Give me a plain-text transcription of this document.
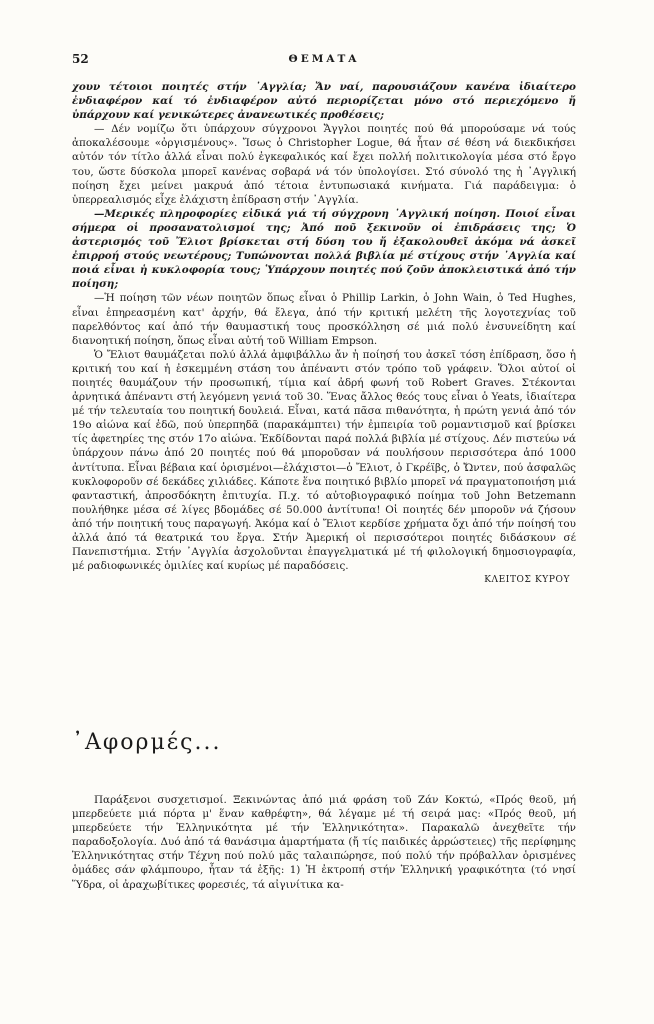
52	ΘΕΜΑΤΑ

χουν τέτοιοι ποιητές στήν ᾿Αγγλία; Ἄν ναί, παρουσιάζουν κανένα ἰδιαίτερο ἐνδιαφέρον καί τό ἐνδιαφέρον αὐτό περιορίζεται μόνο στό περιεχόμενο ἤ ὑπάρχουν καί γενικώτερες ἀνανεωτικές προθέσεις;

— Δέν νομίζω ὅτι ὑπάρχουν σύγχρονοι Ἄγγλοι ποιητές πού θά μπορούσαμε νά τούς ἀποκαλέσουμε «ὀργισμένους». Ἴσως ὁ Christopher Logue, θά ἦταν σέ θέση νά διεκδικήσει αὐτόν τόν τίτλο ἀλλά εἶναι πολύ ἐγκεφαλικός καί ἔχει πολλή πολιτικολογία μέσα στό ἔργο του, ὥστε δύσκολα μπορεῖ κανένας σοβαρά νά τόν ὑπολογίσει. Στό σύνολό της ἡ ᾿Αγγλική ποίηση ἔχει μείνει μακρυά ἀπό τέτοια ἐντυπωσιακά κινήματα. Γιά παράδειγμα: ὁ ὑπερρεαλισμός εἶχε ἐλάχιστη ἐπίδραση στήν ᾿Αγγλία.

—Μερικές πληροφορίες εἰδικά γιά τή σύγχρονη ᾿Αγγλική ποίηση. Ποιοί εἶναι σήμερα οἱ προσανατολισμοί της; Ἀπό ποῦ ξεκινοῦν οἱ ἐπιδράσεις της; Ὁ ἀστερισμός τοῦ Ἔλιοτ βρίσκεται στή δύση του ἤ ἐξακολουθεῖ ἀκόμα νά ἀσκεῖ ἐπιρροή στούς νεωτέρους; Τυπώνονται πολλά βιβλία μέ στίχους στήν ᾿Αγγλία καί ποιά εἶναι ἡ κυκλοφορία τους; Ὑπάρχουν ποιητές πού ζοῦν ἀποκλειστικά ἀπό τήν ποίηση;

—Ἡ ποίηση τῶν νέων ποιητῶν ὅπως εἶναι ὁ Phillip Larkin, ὁ John Wain, ὁ Ted Hughes, εἶναι ἐπηρεασμένη κατ' ἀρχήν, θά ἔλεγα, ἀπό τήν κριτική μελέτη τῆς λογοτεχνίας τοῦ παρελθόντος καί ἀπό τήν θαυμαστική τους προσκόλληση σέ μιά πολύ ἐνσυνείδητη καί διανοητική ποίηση, ὅπως εἶναι αὐτή τοῦ William Empson.

Ὁ Ἔλιοτ θαυμάζεται πολύ ἀλλά ἀμφιβάλλω ἄν ἡ ποίησή του ἀσκεῖ τόση ἐπίδραση, ὅσο ἡ κριτική του καί ἡ ἐσκεμμένη στάση του ἀπέναντι στόν τρόπο τοῦ γράφειν. Ὅλοι αὐτοί οἱ ποιητές θαυμάζουν τήν προσωπική, τίμια καί ἀδρή φωνή τοῦ Robert Graves. Στέκονται ἀρνητικά ἀπέναντι στή λεγόμενη γενιά τοῦ 30. Ἕνας ἄλλος θεός τους εἶναι ὁ Yeats, ἰδιαίτερα μέ τήν τελευταία του ποιητική δουλειά. Εἶναι, κατά πᾶσα πιθανότητα, ἡ πρώτη γενιά ἀπό τόν 19ο αἰώνα καί ἐδῶ, πού ὑπερπηδᾶ (παρακάμπτει) τήν ἐμπειρία τοῦ ρομαντισμοῦ καί βρίσκει τίς ἀφετηρίες της στόν 17ο αἰώνα. Ἐκδίδονται παρά πολλά βιβλία μέ στίχους. Δέν πιστεύω νά ὑπάρχουν πάνω ἀπό 20 ποιητές πού θά μποροῦσαν νά πουλήσουν περισσότερα ἀπό 1000 ἀντίτυπα. Εἶναι βέβαια καί ὁρισμένοι—ἐλάχιστοι—ὁ Ἔλιοτ, ὁ Γκρέϊβς, ὁ Ὤντεν, πού ἀσφαλῶς κυκλοφοροῦν σέ δεκάδες χιλιάδες. Κάποτε ἕνα ποιητικό βιβλίο μπορεῖ νά πραγματοποιήση μιά φανταστική, ἀπροσδόκητη ἐπιτυχία. Π.χ. τό αὐτοβιογραφικό ποίημα τοῦ John Betzemann πουλήθηκε μέσα σέ λίγες βδομάδες σέ 50.000 ἀντίτυπα! Οἱ ποιητές δέν μποροῦν νά ζήσουν ἀπό τήν ποιητική τους παραγωγή. Ἀκόμα καί ὁ Ἔλιοτ κερδίσε χρήματα ὄχι ἀπό τήν ποίησή του ἀλλά ἀπό τά θεατρικά του ἔργα. Στήν Ἀμερική οἱ περισσότεροι ποιητές διδάσκουν σέ Πανεπιστήμια. Στήν ᾿Αγγλία ἀσχολοῦνται ἐπαγγελματικά μέ τή φιλολογική δημοσιογραφία, μέ ραδιοφωνικές ὁμιλίες καί κυρίως μέ παραδόσεις.

ΚΛΕΙΤΟΣ ΚΥΡΟΥ

᾿Αφορμές...

Παράξενοι συσχετισμοί. Ξεκινώντας ἀπό μιά φράση τοῦ Ζάν Κοκτώ, «Πρός θεοῦ, μή μπερδεύετε μιά πόρτα μ' ἕναν καθρέφτη», θά λέγαμε μέ τή σειρά μας: «Πρός θεοῦ, μή μπερδεύετε τήν Ἑλληνικότητα μέ τήν Ἑλληνικότητα». Παρακαλῶ ἀνεχθεῖτε τήν παραδοξολογία. Δυό ἀπό τά θανάσιμα ἁμαρτήματα (ἤ τίς παιδικές ἀρρώστειες) τῆς περίφημης Ἑλληνικότητας στήν Τέχνη πού πολύ μᾶς ταλαιπώρησε, πού πολύ τήν πρόβαλλαν ὁρισμένες ὁμάδες σάν φλάμπουρο, ἦταν τά ἑξῆς: 1) Ἡ ἐκτροπή στήν Ἑλληνική γραφικότητα (τό νησί Ὕδρα, οἱ ἀραχωβίτικες φορεσιές, τά αἰγινίτικα κα-
